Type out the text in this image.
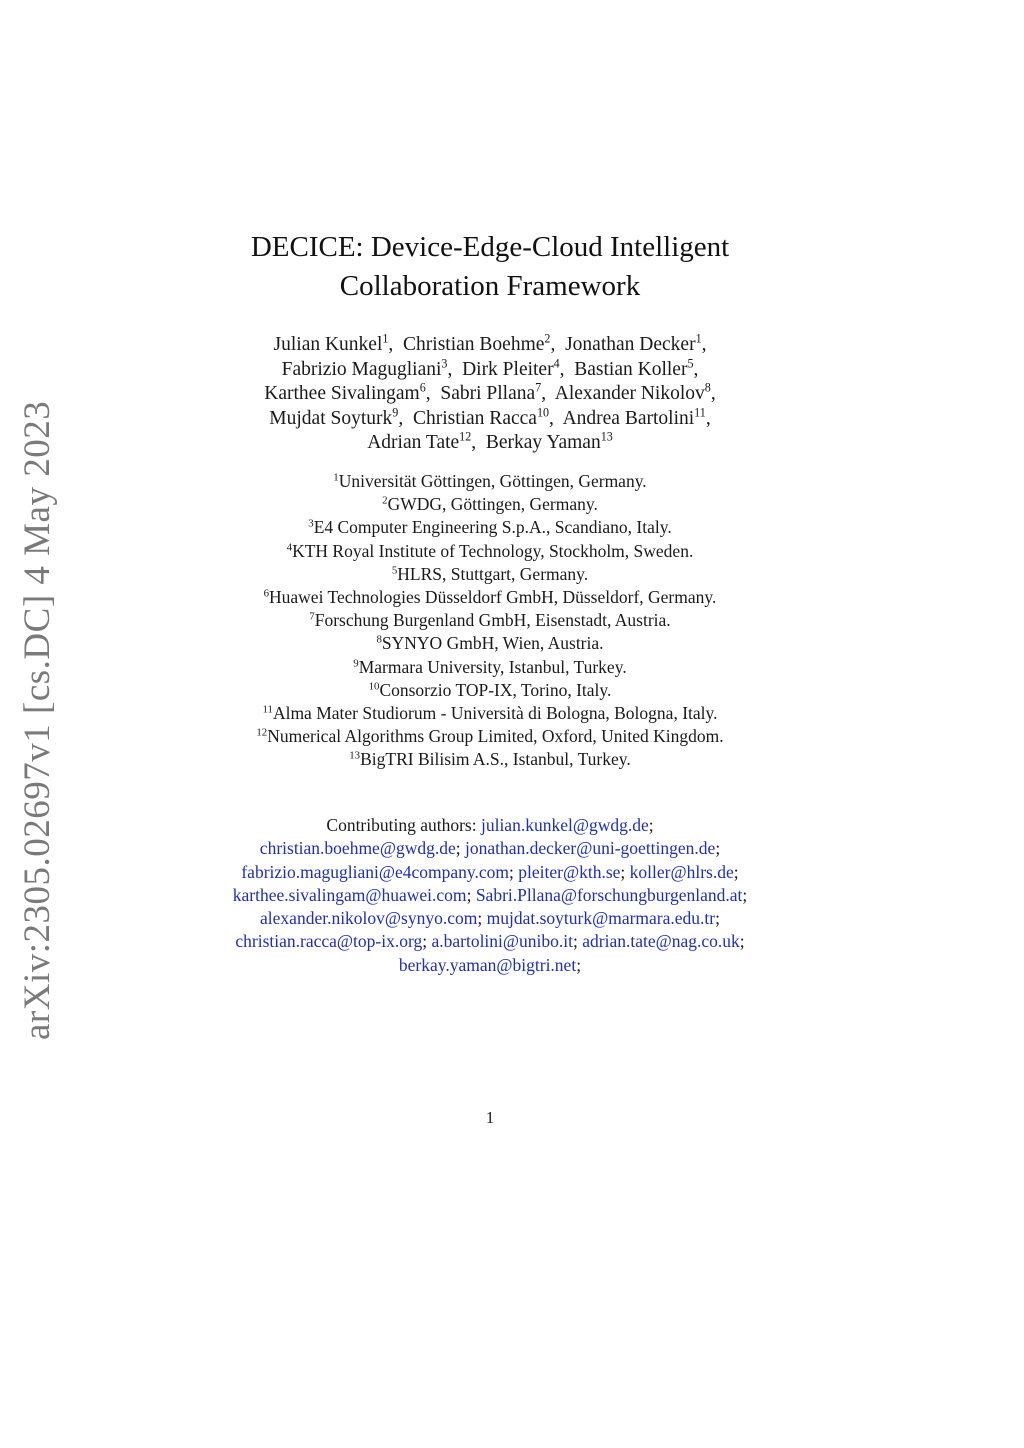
arXiv:2305.02697v1 [cs.DC] 4 May 2023
DECICE: Device-Edge-Cloud Intelligent
Collaboration Framework
Julian Kunkel$^1$,  Christian Boehme$^2$,  Jonathan Decker$^1$,
Fabrizio Magugliani$^3$,  Dirk Pleiter$^4$,  Bastian Koller$^5$,
Karthee Sivalingam$^6$,  Sabri Pllana$^7$,  Alexander Nikolov$^8$,
Mujdat Soyturk$^9$,  Christian Racca$^{10}$,  Andrea Bartolini$^{11}$,
Adrian Tate$^{12}$,  Berkay Yaman$^{13}$
$^1$Universität Göttingen, Göttingen, Germany.
$^2$GWDG, Göttingen, Germany.
$^3$E4 Computer Engineering S.p.A., Scandiano, Italy.
$^4$KTH Royal Institute of Technology, Stockholm, Sweden.
$^5$HLRS, Stuttgart, Germany.
$^6$Huawei Technologies Düsseldorf GmbH, Düsseldorf, Germany.
$^7$Forschung Burgenland GmbH, Eisenstadt, Austria.
$^8$SYNYO GmbH, Wien, Austria.
$^9$Marmara University, Istanbul, Turkey.
$^{10}$Consorzio TOP-IX, Torino, Italy.
$^{11}$Alma Mater Studiorum - Università di Bologna, Bologna, Italy.
$^{12}$Numerical Algorithms Group Limited, Oxford, United Kingdom.
$^{13}$BigTRI Bilisim A.S., Istanbul, Turkey.
Contributing authors: julian.kunkel@gwdg.de;
christian.boehme@gwdg.de; jonathan.decker@uni-goettingen.de;
fabrizio.magugliani@e4company.com; pleiter@kth.se; koller@hlrs.de;
karthee.sivalingam@huawei.com; Sabri.Pllana@forschungburgenland.at;
alexander.nikolov@synyo.com; mujdat.soyturk@marmara.edu.tr;
christian.racca@top-ix.org; a.bartolini@unibo.it; adrian.tate@nag.co.uk;
berkay.yaman@bigtri.net;
1
